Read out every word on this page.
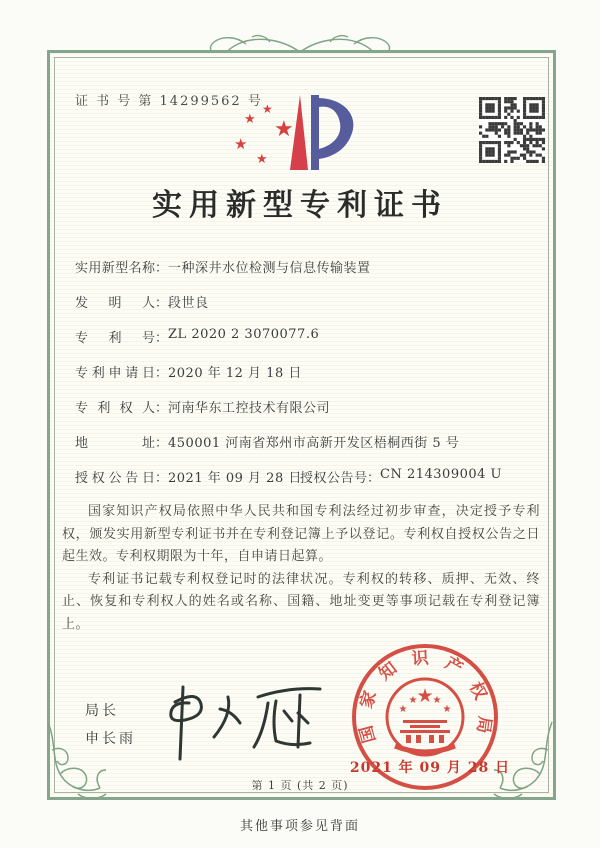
证 书 号 第 14299562 号
★
★
★
★
★
实用新型专利证书
实用新型名称：一种深井水位检测与信息传输装置
发明人：段世良
专利号：ZL 2020 2 3070077.6
专利申请日：2020 年 12 月 18 日
专利权人：河南华东工控技术有限公司
地址：450001 河南省郑州市高新开发区梧桐西街 5 号
授权公告日：2021 年 09 月 28 日
授权公告号：CN 214309004 U

国家知识产权局依照中华人民共和国专利法经过初步审查，决定授予专利权，颁发实用新型专利证书并在专利登记簿上予以登记。专利权自授权公告之日起生效。专利权期限为十年，自申请日起算。

专利证书记载专利权登记时的法律状况。专利权的转移、质押、无效、终止、恢复和专利权人的姓名或名称、国籍、地址变更等事项记载在专利登记簿上。

局长
申长雨	国家知识产权局
★
★
★ ★
★
2021 年 09 月 28 日
第 1 页 (共 2 页)
其他事项参见背面
